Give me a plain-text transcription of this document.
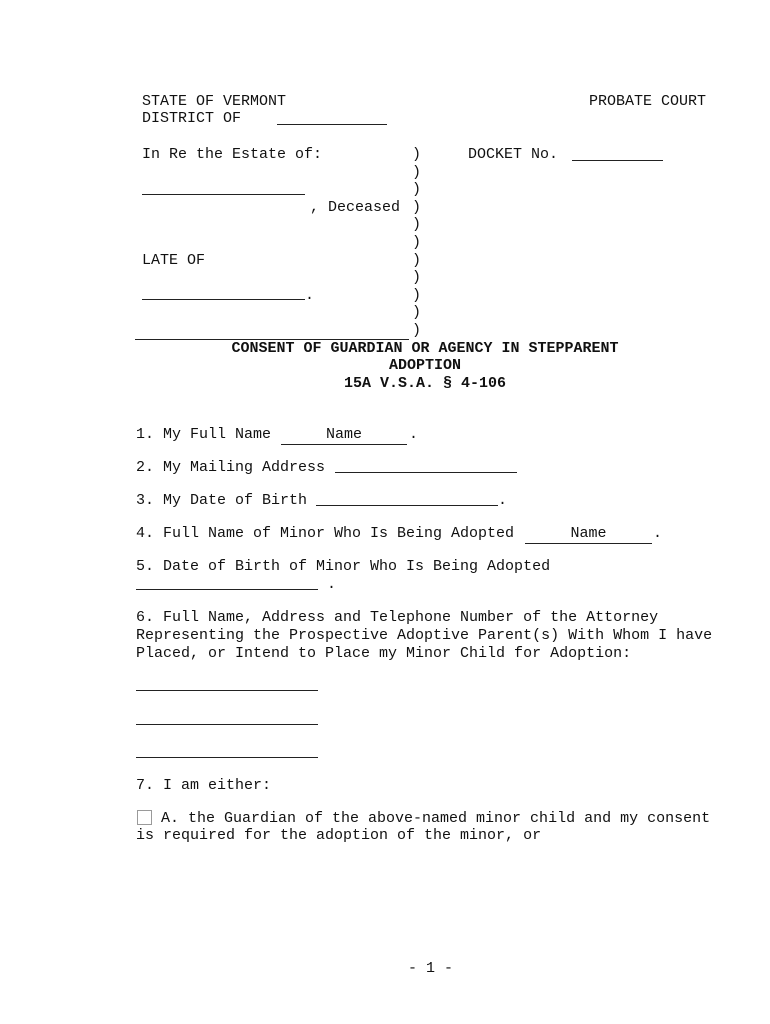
STATE OF VERMONT	PROBATE COURT
DISTRICT OF
In Re the Estate of:
, Deceased
LATE OF
.
)
)
)
)
)
)
)
)
)
)
)
DOCKET No.
CONSENT OF GUARDIAN OR AGENCY IN STEPPARENT
ADOPTION
15A V.S.A. § 4-106
1. My Full Name	Name	.
2. My Mailing Address
3. My Date of Birth	.
4. Full Name of Minor Who Is Being Adopted	Name	.
5. Date of Birth of Minor Who Is Being Adopted
.
6. Full Name, Address and Telephone Number of the Attorney
Representing the Prospective Adoptive Parent(s) With Whom I have
Placed, or Intend to Place my Minor Child for Adoption:
7. I am either:
A. the Guardian of the above-named minor child and my consent
is required for the adoption of the minor, or
- 1 -
